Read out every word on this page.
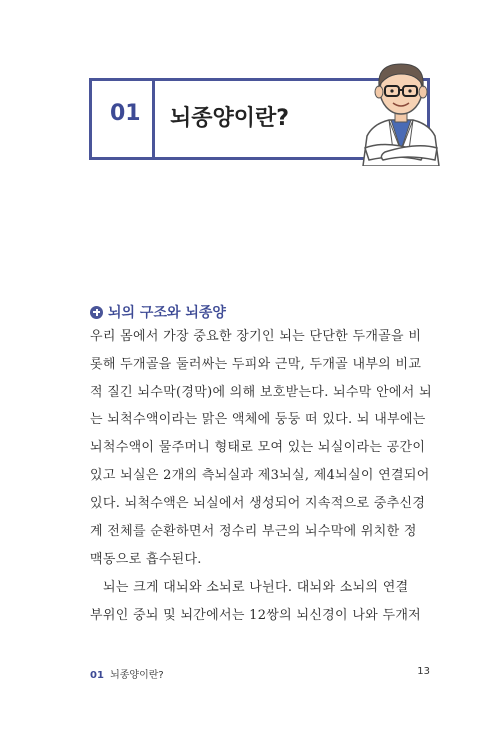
01 뇌종양이란?
뇌의 구조와 뇌종양
우리 몸에서 가장 중요한 장기인 뇌는 단단한 두개골을 비
롯해 두개골을 둘러싸는 두피와 근막, 두개골 내부의 비교
적 질긴 뇌수막(경막)에 의해 보호받는다. 뇌수막 안에서 뇌
는 뇌척수액이라는 맑은 액체에 둥둥 떠 있다. 뇌 내부에는
뇌척수액이 물주머니 형태로 모여 있는 뇌실이라는 공간이
있고 뇌실은 2개의 측뇌실과 제3뇌실, 제4뇌실이 연결되어
있다. 뇌척수액은 뇌실에서 생성되어 지속적으로 중추신경
계 전체를 순환하면서 정수리 부근의 뇌수막에 위치한 정
맥동으로 흡수된다.
뇌는 크게 대뇌와 소뇌로 나뉜다. 대뇌와 소뇌의 연결
부위인 중뇌 및 뇌간에서는 12쌍의 뇌신경이 나와 두개저
01 뇌종양이란?	13
